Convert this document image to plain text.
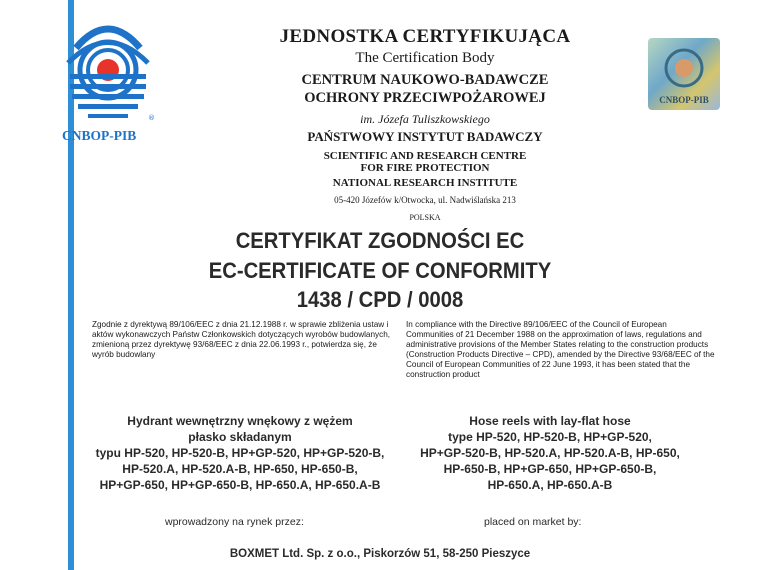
®
CNBOP-PIB
CNBOP-PIB
JEDNOSTKA CERTYFIKUJĄCA
The Certification Body
CENTRUM NAUKOWO-BADAWCZE
OCHRONY PRZECIWPOŻAROWEJ
im. Józefa Tuliszkowskiego
PAŃSTWOWY INSTYTUT BADAWCZY
SCIENTIFIC AND RESEARCH CENTRE
FOR FIRE PROTECTION
NATIONAL RESEARCH INSTITUTE
05-420 Józefów k/Otwocka, ul. Nadwiślańska 213
POLSKA
CERTYFIKAT ZGODNOŚCI EC
EC-CERTIFICATE OF CONFORMITY
1438 / CPD / 0008
Zgodnie z dyrektywą 89/106/EEC z dnia 21.12.1988 r. w sprawie zbliżenia ustaw i aktów wykonawczych Państw Członkowskich dotyczących wyrobów budowlanych, zmienioną przez dyrektywę 93/68/EEC z dnia 22.06.1993 r., potwierdza się, że wyrób budowlany
In compliance with the Directive 89/106/EEC of the Council of European Communities of 21 December 1988 on the approximation of laws, regulations and administrative provisions of the Member States relating to the construction products (Construction Products Directive – CPD), amended by the Directive 93/68/EEC of the Council of European Communities of 22 June 1993, it has been stated that the construction product
Hydrant wewnętrzny wnękowy z wężem
płasko składanym
typu HP-520, HP-520-B, HP+GP-520, HP+GP-520-B,
HP-520.A, HP-520.A-B, HP-650, HP-650-B,
HP+GP-650, HP+GP-650-B, HP-650.A, HP-650.A-B
Hose reels with lay-flat hose
type HP-520, HP-520-B, HP+GP-520,
HP+GP-520-B, HP-520.A, HP-520.A-B, HP-650,
HP-650-B, HP+GP-650, HP+GP-650-B,
HP-650.A, HP-650.A-B
wprowadzony na rynek przez:	placed on market by:
BOXMET Ltd. Sp. z o.o., Piskorzów 51, 58-250 Pieszyce
